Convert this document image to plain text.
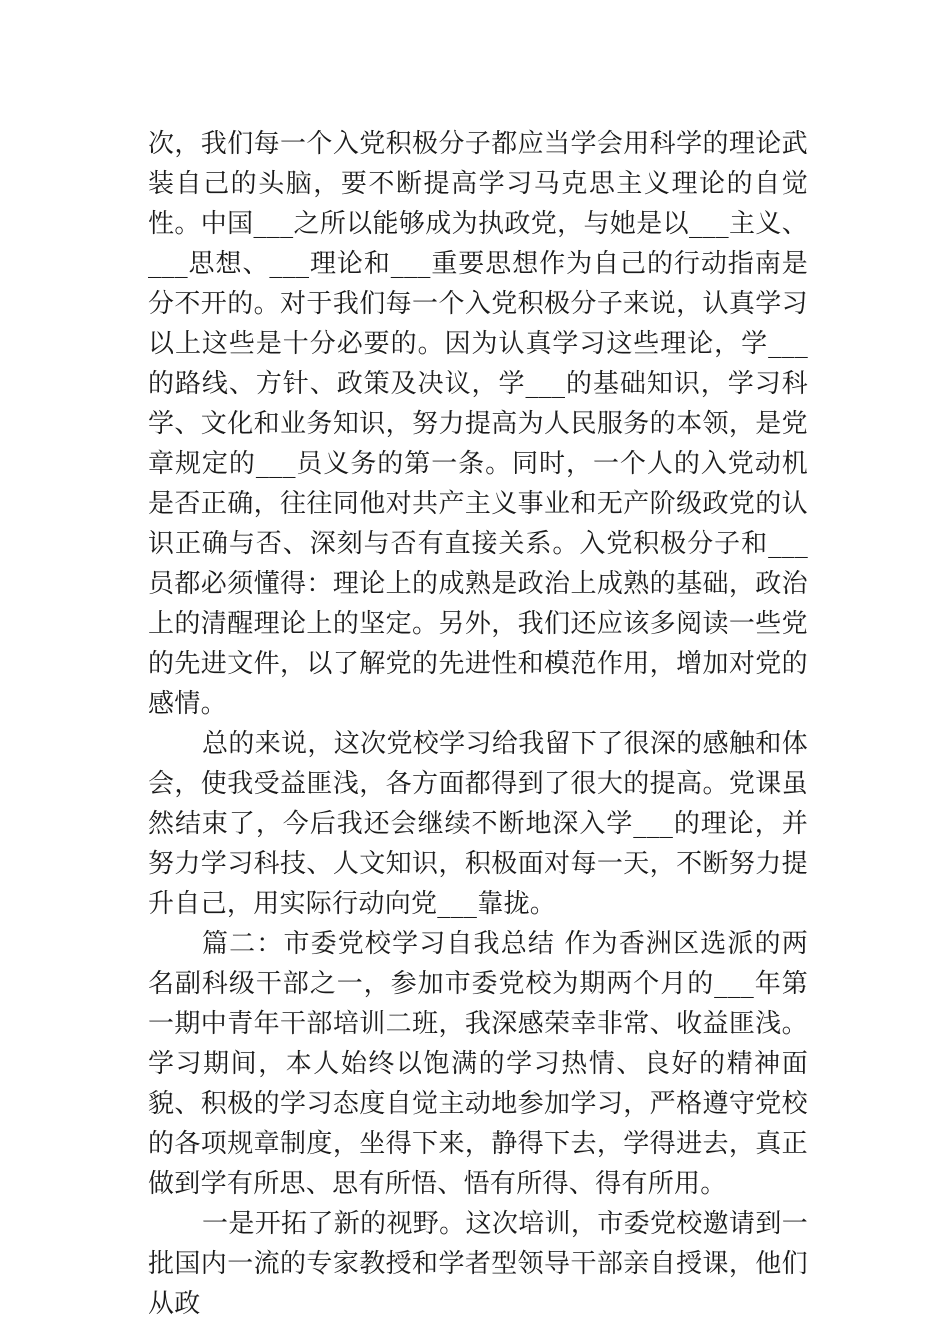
次，我们每一个入党积极分子都应当学会用科学的理论武装自己的头脑，要不断提高学习马克思主义理论的自觉性。中国___之所以能够成为执政党，与她是以___主义、___思想、___理论和___重要思想作为自己的行动指南是分不开的。对于我们每一个入党积极分子来说，认真学习以上这些是十分必要的。因为认真学习这些理论，学___的路线、方针、政策及决议，学___的基础知识，学习科学、文化和业务知识，努力提高为人民服务的本领，是党章规定的___员义务的第一条。同时，一个人的入党动机是否正确，往往同他对共产主义事业和无产阶级政党的认识正确与否、深刻与否有直接关系。入党积极分子和___员都必须懂得：理论上的成熟是政治上成熟的基础，政治上的清醒理论上的坚定。另外，我们还应该多阅读一些党的先进文件，以了解党的先进性和模范作用，增加对党的感情。

总的来说，这次党校学习给我留下了很深的感触和体会，使我受益匪浅，各方面都得到了很大的提高。党课虽然结束了，今后我还会继续不断地深入学___的理论，并努力学习科技、人文知识，积极面对每一天，不断努力提升自己，用实际行动向党___靠拢。

篇二：市委党校学习自我总结 作为香洲区选派的两名副科级干部之一，参加市委党校为期两个月的___年第一期中青年干部培训二班，我深感荣幸非常、收益匪浅。学习期间，本人始终以饱满的学习热情、良好的精神面貌、积极的学习态度自觉主动地参加学习，严格遵守党校的各项规章制度，坐得下来，静得下去，学得进去，真正做到学有所思、思有所悟、悟有所得、得有所用。

一是开拓了新的视野。这次培训，市委党校邀请到一批国内一流的专家教授和学者型领导干部亲自授课，他们从政
